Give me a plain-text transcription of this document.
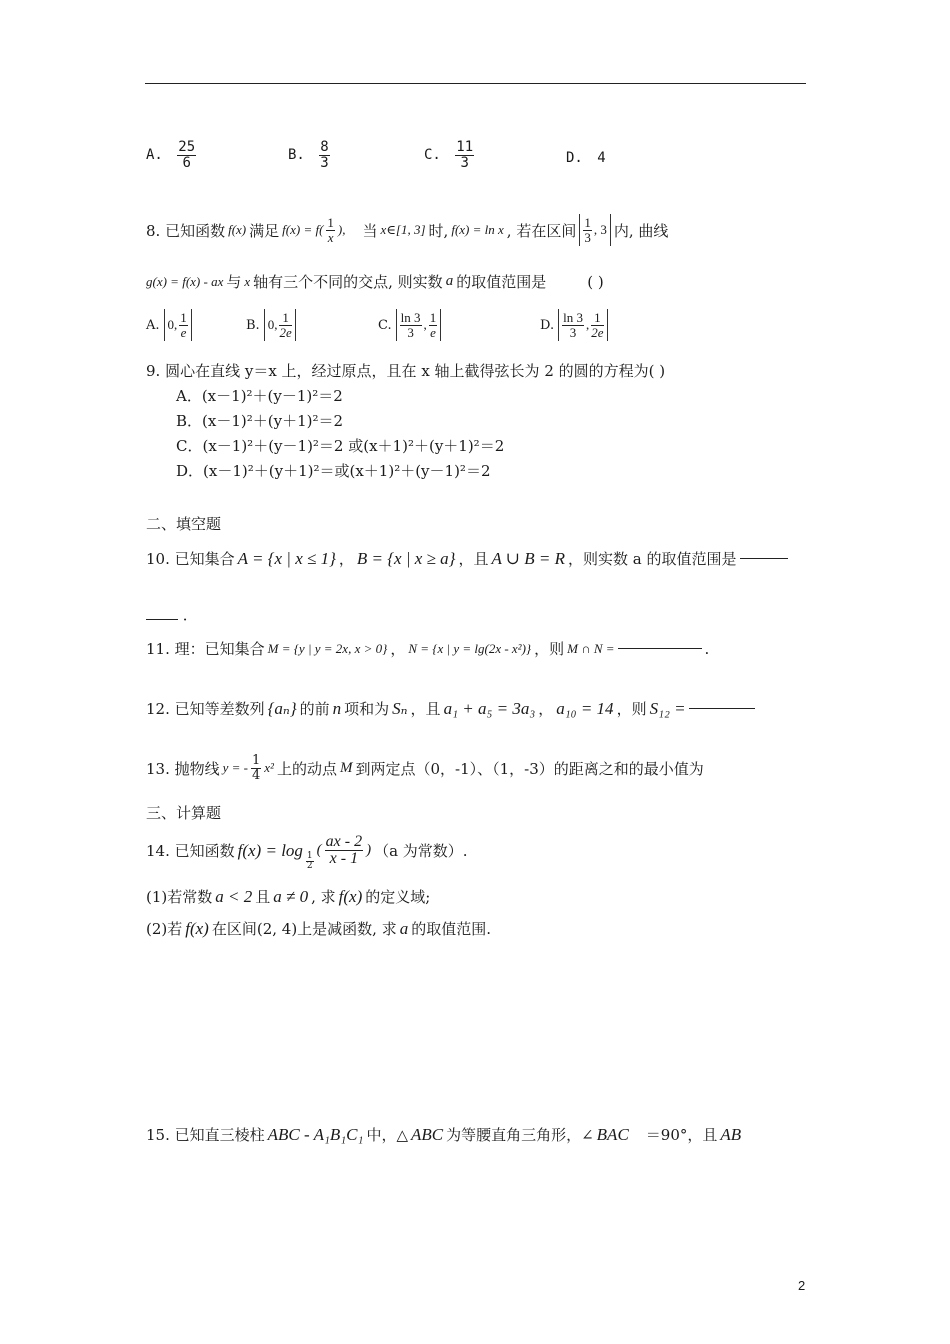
A. $\frac{25}{6}$	B. $\frac{8}{3}$	C. $\frac{11}{3}$	D. 4
8. 已知函数 f(x) 满足 $f(x) = f( \frac{1}{x}$ ), 当 x∈[1, 3] 时, f(x) = ln x , 若在区间 $\frac{1}{3}$ , 3 内, 曲线
g(x) = f(x) - ax 与 x 轴有三个不同的交点, 则实数 a 的取值范围是	( )
A. 0, $\frac{1}{e}$	B. 0, $\frac{1}{2e}$	C. $\frac{\ln 3}{3}$ , $\frac{1}{e}$	D. $\frac{\ln 3}{3}$ , $\frac{1}{2e}$
9. 圆心在直线 y＝x 上，经过原点，且在 x 轴上截得弦长为 2 的圆的方程为( )
A．(x－1)²＋(y－1)²＝2
B．(x－1)²＋(y＋1)²＝2
C．(x－1)²＋(y－1)²＝2 或(x＋1)²＋(y＋1)²＝2
D．(x－1)²＋(y＋1)²＝或(x＋1)²＋(y－1)²＝2
二、填空题
10. 已知集合 A = {x | x ≤ 1} ， B = {x | x ≥ a} ，且 A ∪ B = R ，则实数 a 的取值范围是
．
11. 理：已知集合 M = {y | y = 2x, x > 0} ， N = {x | y = lg(2x - x²)} ，则 M ∩ N =	.
12. 已知等差数列 {aₙ} 的前 n 项和为 Sₙ ，且 a₁ + a₅ = 3a₃ ， a₁₀ = 14 ，则 S₁₂ =
13. 抛物线 y = - $\frac{1}{4} x^2$ 上的动点 M 到两定点（0，-1）、（1，-3）的距离之和的最小值为
三、计算题
14. 已知函数 f(x) = log
$\frac{1}{2}$
( $\frac{ax - 2}{x - 1}$ ) （a 为常数）.
(1)若常数 a < 2 且 a ≠ 0 , 求 f(x) 的定义域;
(2)若 f(x) 在区间(2, 4)上是减函数, 求 a 的取值范围.
15. 已知直三棱柱 ABC - A₁B₁C₁ 中，△ ABC 为等腰直角三角形，∠ BAC ＝90°，且 AB
2
